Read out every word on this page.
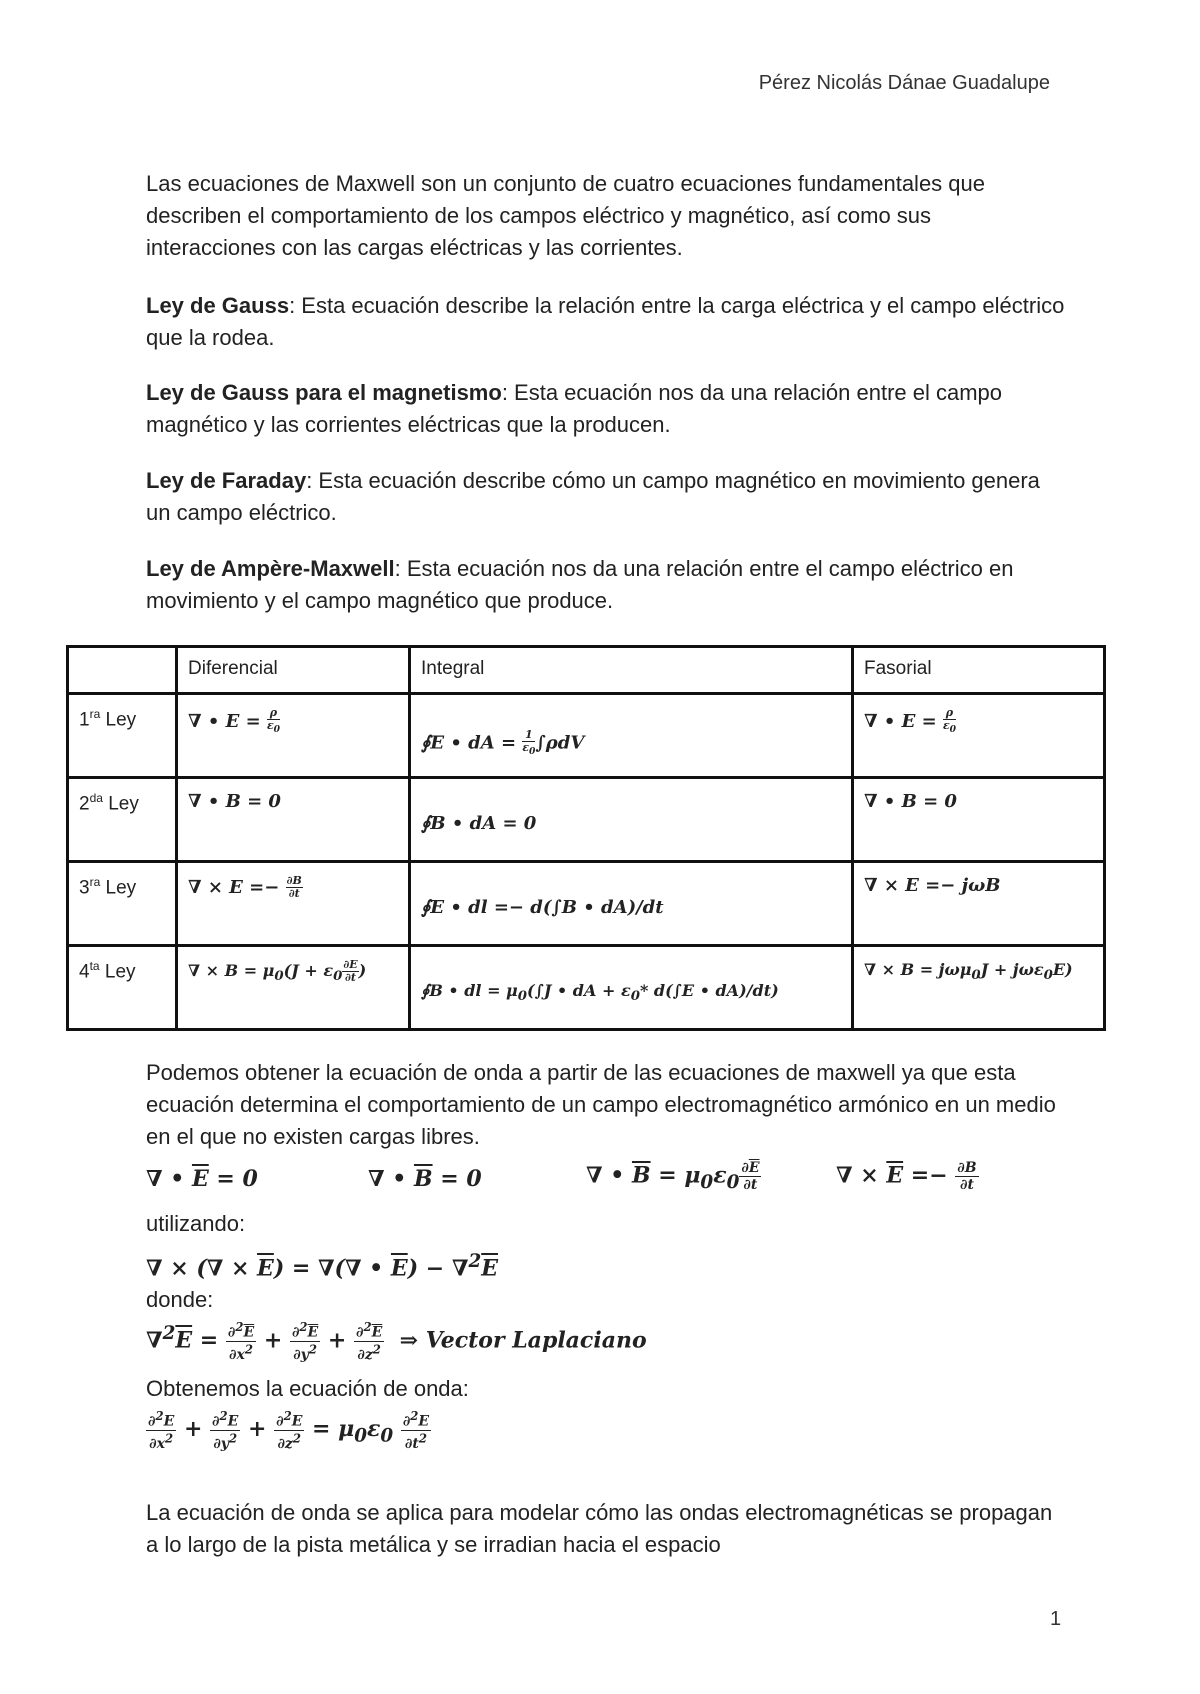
Pérez Nicolás Dánae Guadalupe
Las ecuaciones de Maxwell son un conjunto de cuatro ecuaciones fundamentales que describen el comportamiento de los campos eléctrico y magnético, así como sus interacciones con las cargas eléctricas y las corrientes.
Ley de Gauss: Esta ecuación describe la relación entre la carga eléctrica y el campo eléctrico que la rodea.
Ley de Gauss para el magnetismo: Esta ecuación nos da una relación entre el campo magnético y las corrientes eléctricas que la producen.
Ley de Faraday: Esta ecuación describe cómo un campo magnético en movimiento genera un campo eléctrico.
Ley de Ampère-Maxwell: Esta ecuación nos da una relación entre el campo eléctrico en movimiento y el campo magnético que produce.
	Diferencial	Integral	Fasorial
$1^{ra}$ Ley	∇ • $E = \frac{\rho}{\varepsilon_0}$	∮E • dA = $\frac{1}{\varepsilon_0} \int\rho dV$	∇ • $E = \frac{\rho}{\varepsilon_0}$

$2^{da}$ Ley	∇ • B = 0	∮B • dA = 0	∇ • B = 0
$3^{ra}$ Ley	∇ × $E =- \frac{\partial B}{\partial t}$	∮E • dl =− d(∫B • dA)/dt	∇ × E =− jωB
$4^{ta}$ Ley	∇ × $B = \mu_0(J + \varepsilon_0 \frac{\partial E}{\partial t}$ )	∮B • dl = $\mu_0(\int J$ • dA + $\varepsilon_0*$ d(∫E • dA)/dt)	∇ × B = jωμ$_0$J + jωε$_0$E)
Podemos obtener la ecuación de onda a partir de las ecuaciones de maxwell ya que esta ecuación determina el comportamiento de un campo electromagnético armónico en un medio en el que no existen cargas libres.
∇ • $\overline{E} = 0$	∇ • $\overline{B} = 0$	∇ • $\overline{B} = \mu_0\varepsilon_0 \frac{\partial\overline{E}}{\partial t}$	∇ × $\overline{E} =- \frac{\partial B}{\partial t}$
utilizando:
∇ × (∇ × $\overline{E}$) = ∇(∇ • $\overline{E}) - \nabla^2\overline{E}$
donde:
$\nabla^2\overline{E} = \frac{\partial^2\overline{E}}{\partial x^2} + \frac{\partial^2\overline{E}}{\partial y^2} + \frac{\partial^2\overline{E}}{\partial z^2}$  ⇒ Vector Laplaciano
Obtenemos la ecuación de onda:
$\frac{\partial^2E}{\partial x^2} + \frac{\partial^2E}{\partial y^2} + \frac{\partial^2E}{\partial z^2} = \mu_0\varepsilon_0 \frac{\partial^2E}{\partial t^2}$
La ecuación de onda se aplica para modelar cómo las ondas electromagnéticas se propagan a lo largo de la pista metálica y se irradian hacia el espacio
1
